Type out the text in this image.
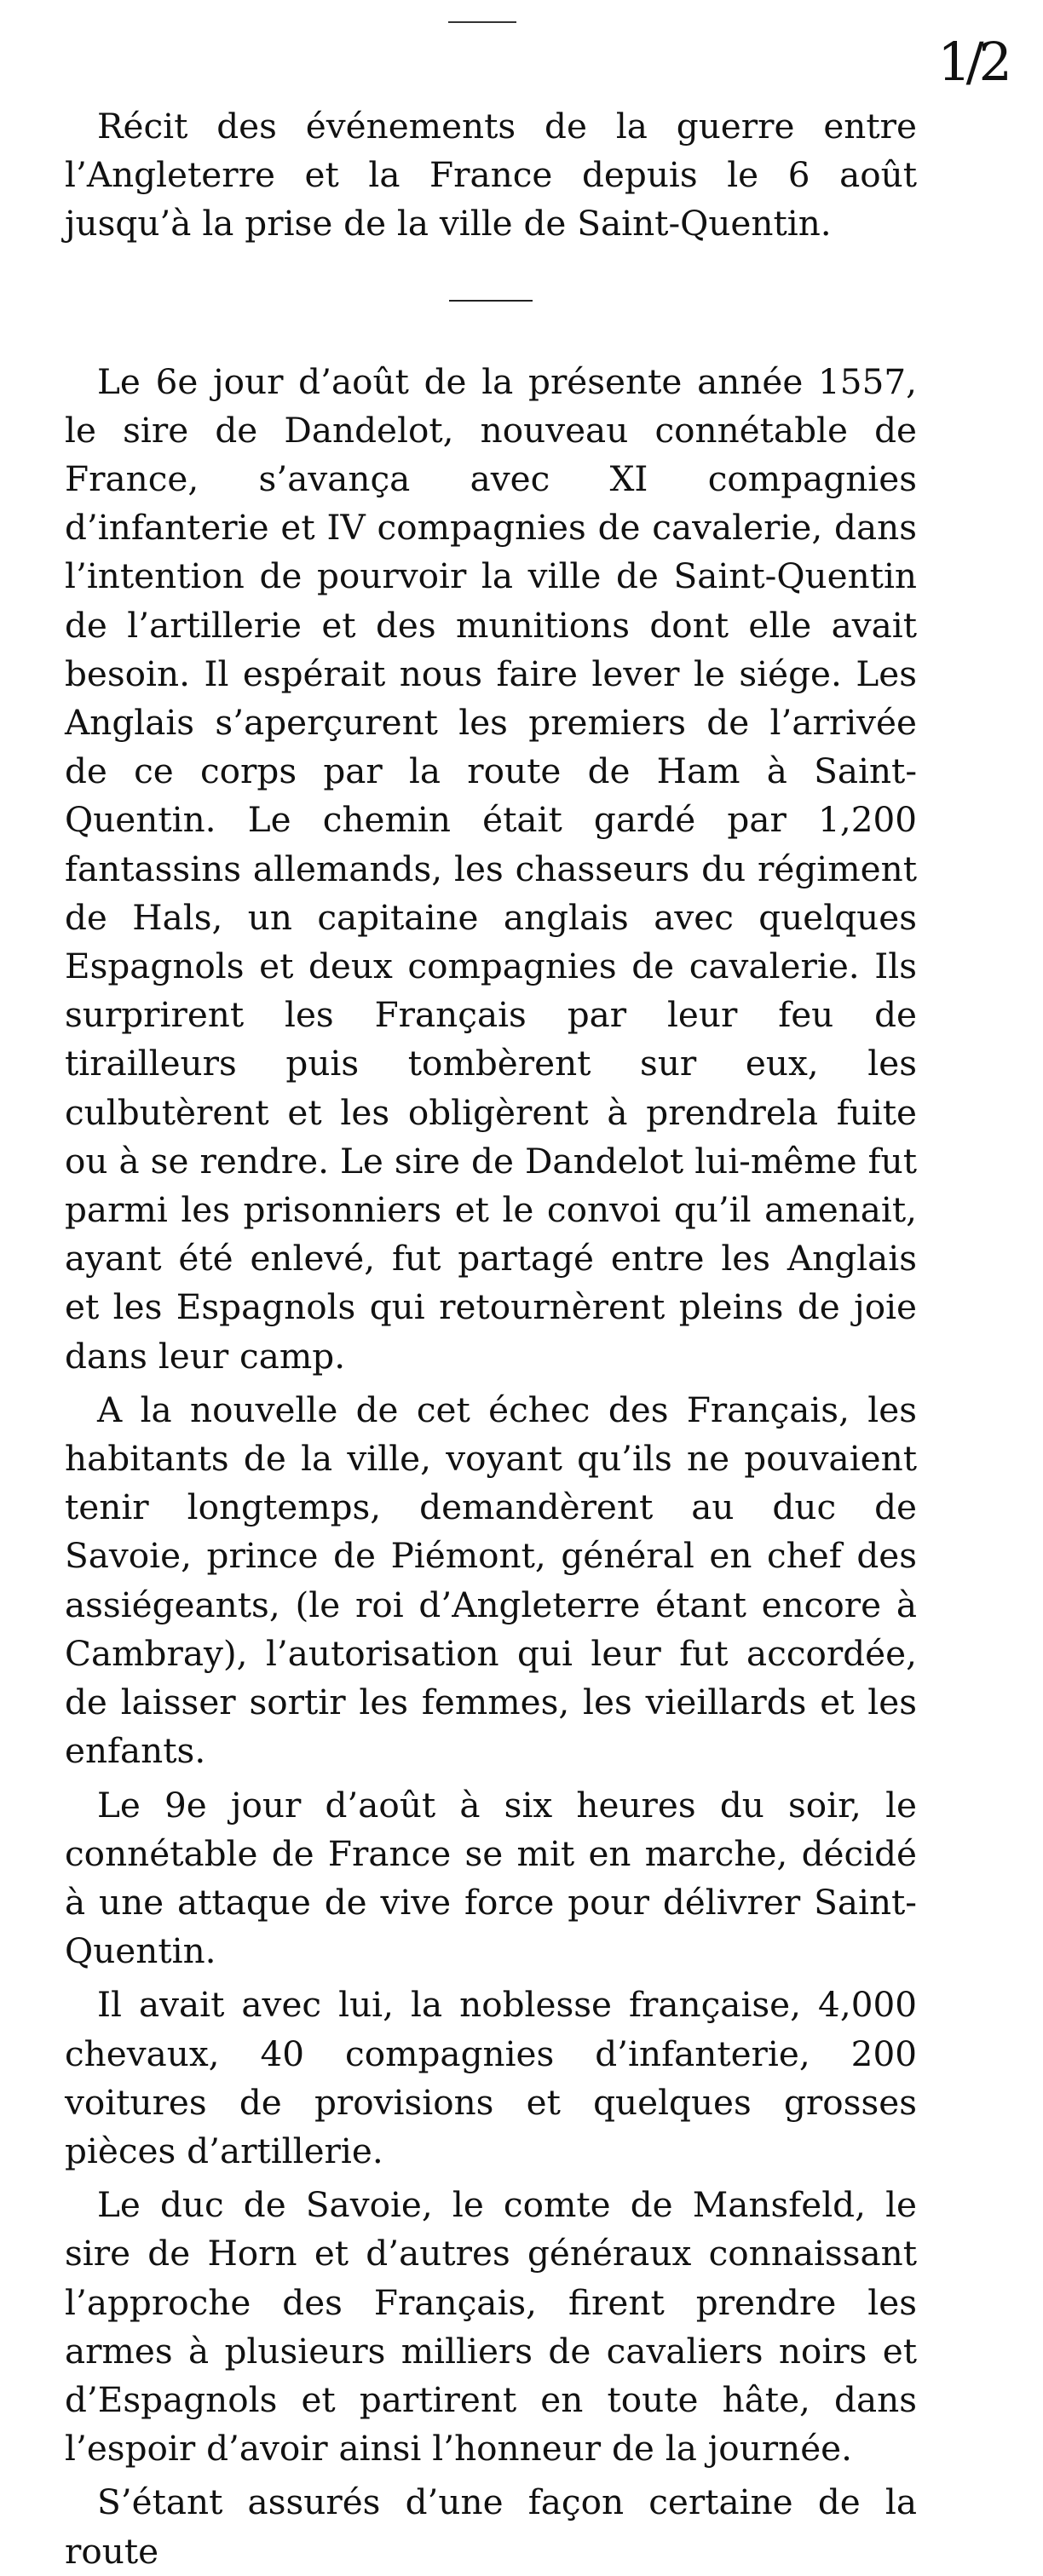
1/2

Récit des événements de la guerre entre l’Angleterre et la France depuis le 6 août jusqu’à la prise de la ville de Saint-Quentin.

Le 6e jour d’août de la présente année 1557, le sire de Dandelot, nouveau connétable de France, s’avança avec XI compagnies d’infanterie et IV compagnies de cavalerie, dans l’intention de pourvoir la ville de Saint-Quentin de l’artillerie et des munitions dont elle avait besoin. Il espérait nous faire lever le siége. Les Anglais s’aperçurent les premiers de l’arrivée de ce corps par la route de Ham à Saint-Quentin. Le chemin était gardé par 1,200 fantassins allemands, les chasseurs du régiment de Hals, un capitaine anglais avec quelques Espagnols et deux compagnies de cavalerie. Ils surprirent les Français par leur feu de tirailleurs puis tombèrent sur eux, les culbutèrent et les obligèrent à prendrela fuite ou à se rendre. Le sire de Dandelot lui-même fut parmi les prisonniers et le convoi qu’il amenait, ayant été enlevé, fut partagé entre les Anglais et les Espagnols qui retournèrent pleins de joie dans leur camp.

A la nouvelle de cet échec des Français, les habitants de la ville, voyant qu’ils ne pouvaient tenir longtemps, demandèrent au duc de Savoie, prince de Piémont, général en chef des assiégeants, (le roi d’Angleterre étant encore à Cambray), l’autorisation qui leur fut accordée, de laisser sortir les femmes, les vieillards et les enfants.

Le 9e jour d’août à six heures du soir, le connétable de France se mit en marche, décidé à une attaque de vive force pour délivrer Saint-Quentin.

Il avait avec lui, la noblesse française, 4,000 chevaux, 40 compagnies d’infanterie, 200 voitures de provisions et quelques grosses pièces d’artillerie.

Le duc de Savoie, le comte de Mansfeld, le sire de Horn et d’autres généraux connaissant l’approche des Français, firent prendre les armes à plusieurs milliers de cavaliers noirs et d’Espagnols et partirent en toute hâte, dans l’espoir d’avoir ainsi l’honneur de la journée.

S’étant assurés d’une façon certaine de la route
